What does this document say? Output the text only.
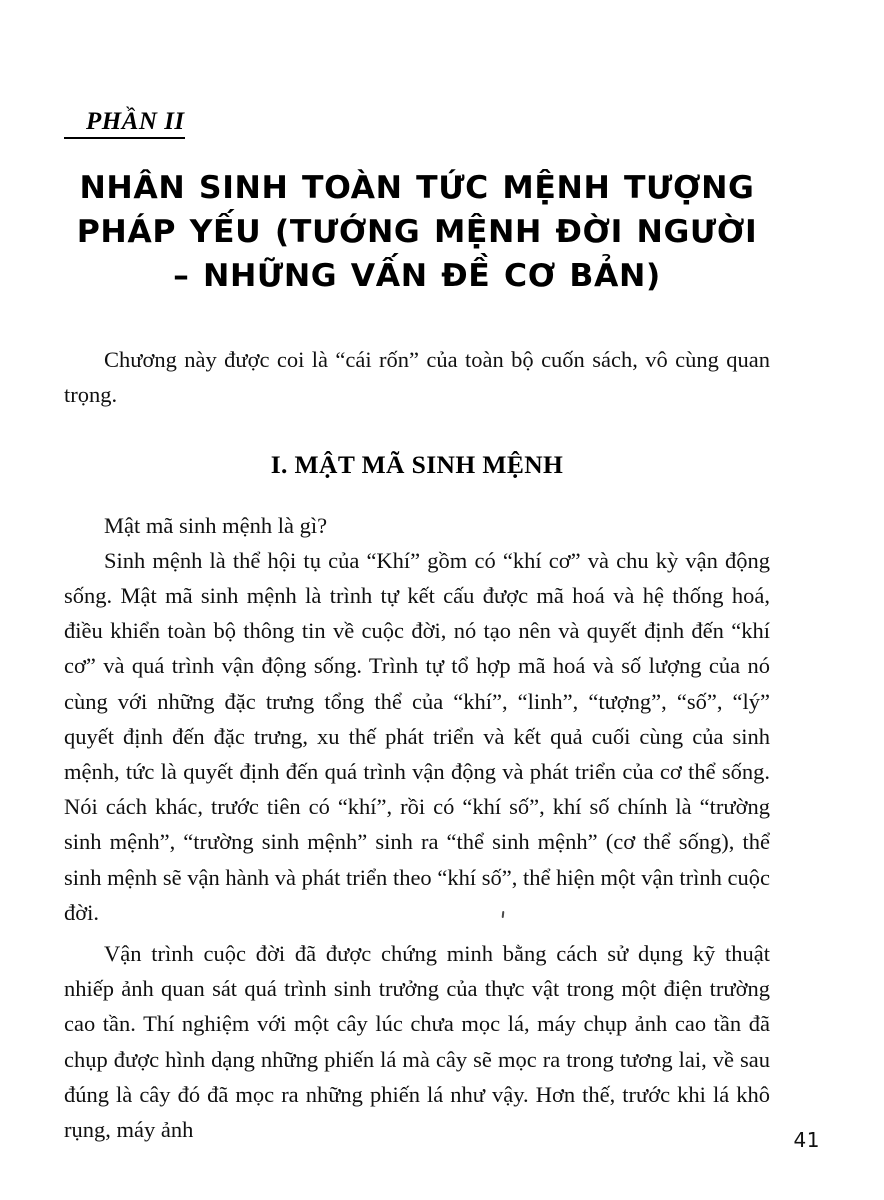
PHẦN II
NHÂN SINH TOÀN TỨC MỆNH TƯỢNG
PHÁP YẾU (TƯỚNG MỆNH ĐỜI NGƯỜI
– NHỮNG VẤN ĐỀ CƠ BẢN)

Chương này được coi là “cái rốn” của toàn bộ cuốn sách, vô cùng quan trọng.

I. MẬT MÃ SINH MỆNH

Mật mã sinh mệnh là gì?

Sinh mệnh là thể hội tụ của “Khí” gồm có “khí cơ” và chu kỳ vận động sống. Mật mã sinh mệnh là trình tự kết cấu được mã hoá và hệ thống hoá, điều khiển toàn bộ thông tin về cuộc đời, nó tạo nên và quyết định đến “khí cơ” và quá trình vận động sống. Trình tự tổ hợp mã hoá và số lượng của nó cùng với những đặc trưng tổng thể của “khí”, “linh”, “tượng”, “số”, “lý” quyết định đến đặc trưng, xu thế phát triển và kết quả cuối cùng của sinh mệnh, tức là quyết định đến quá trình vận động và phát triển của cơ thể sống. Nói cách khác, trước tiên có “khí”, rồi có “khí số”, khí số chính là “trường sinh mệnh”, “trường sinh mệnh” sinh ra “thể sinh mệnh” (cơ thể sống), thể sinh mệnh sẽ vận hành và phát triển theo “khí số”, thể hiện một vận trình cuộc đời.

Vận trình cuộc đời đã được chứng minh bằng cách sử dụng kỹ thuật nhiếp ảnh quan sát quá trình sinh trưởng của thực vật trong một điện trường cao tần. Thí nghiệm với một cây lúc chưa mọc lá, máy chụp ảnh cao tần đã chụp được hình dạng những phiến lá mà cây sẽ mọc ra trong tương lai, về sau đúng là cây đó đã mọc ra những phiến lá như vậy. Hơn thế, trước khi lá khô rụng, máy ảnh	41
